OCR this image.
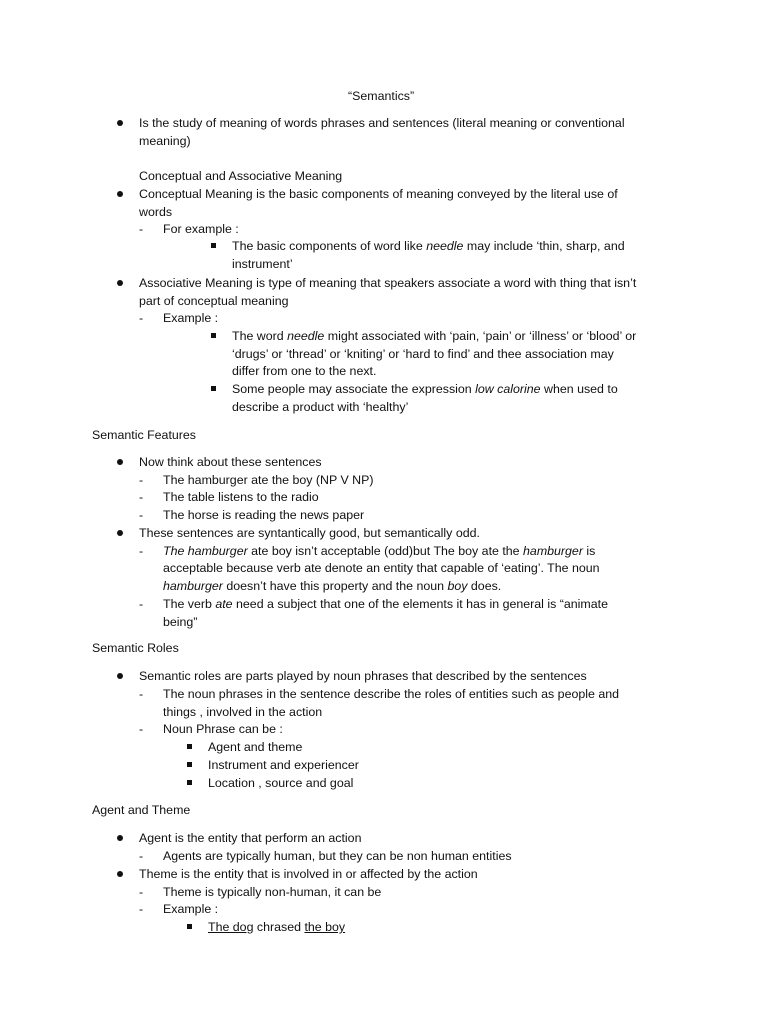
“Semantics”
Is the study of meaning of words phrases and sentences (literal meaning or conventional
meaning)
Conceptual and Associative Meaning
Conceptual Meaning is the basic components of meaning conveyed by the literal use of
words
- For example :
The basic components of word like needle may include ‘thin, sharp, and
instrument’
Associative Meaning is type of meaning that speakers associate a word with thing that isn’t
part of conceptual meaning
- Example :
The word needle might associated with ‘pain, ‘pain’ or ‘illness’ or ‘blood’ or
‘drugs’ or ‘thread’ or ‘kniting’ or ‘hard to find’ and thee association may
differ from one to the next.
Some people may associate the expression low calorine when used to
describe a product with ‘healthy’
Semantic Features
Now think about these sentences
- The hamburger ate the boy (NP V NP)
- The table listens to the radio
- The horse is reading the news paper
These sentences are syntantically good, but semantically odd.
- The hamburger ate boy isn’t acceptable (odd)but The boy ate the hamburger is
acceptable because verb ate denote an entity that capable of ‘eating’. The noun
hamburger doesn’t have this property and the noun boy does.
- The verb ate need a subject that one of the elements it has in general is “animate
being”
Semantic Roles
Semantic roles are parts played by noun phrases that described by the sentences
- The noun phrases in the sentence describe the roles of entities such as people and
things , involved in the action
- Noun Phrase can be :
Agent and theme
Instrument and experiencer
Location , source and goal
Agent and Theme
Agent is the entity that perform an action
- Agents are typically human, but they can be non human entities
Theme is the entity that is involved in or affected by the action
- Theme is typically non-human, it can be
- Example :
The dog chrased the boy
